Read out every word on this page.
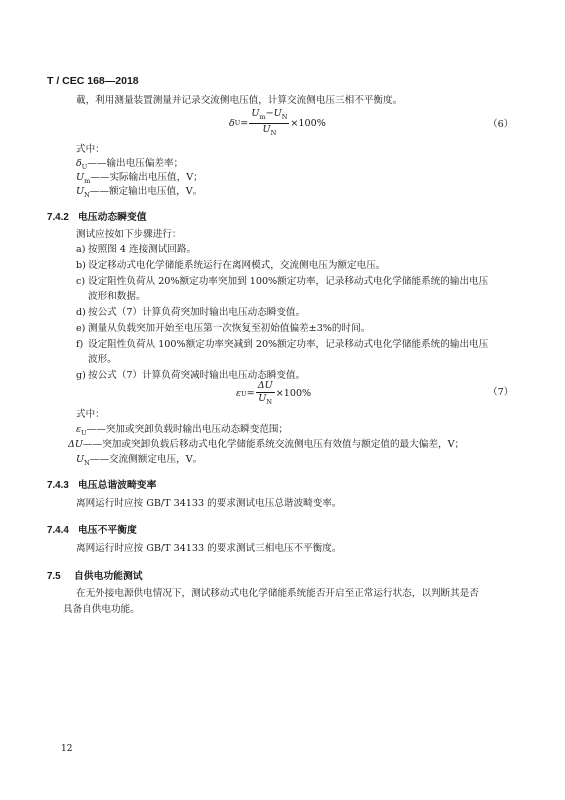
T / CEC 168—2018
載，利用测量装置测量并记录交流侧电压值，计算交流侧电压三相不平衡度。
δ $U = \frac{U_m-U_N}{U_N} \times 100\%$	（6）
式中：
$\delta_U——$输出电压偏差率；
$U_m——$实际输出电压值，V；
$U_N——$额定输出电压值，V。
7.4.2 电压动态瞬变值
测试应按如下步骤进行：
a) 按照图 4 连接测试回路。
b) 设定移动式电化学储能系统运行在离网模式，交流侧电压为额定电压。
c) 设定阻性负荷从 20%额定功率突加到 100%额定功率，记录移动式电化学储能系统的输出电压
波形和数据。
d) 按公式（7）计算负荷突加时输出电压动态瞬变值。
e) 测量从负载突加开始至电压第一次恢复至初始值偏差±3%的时间。
f) 设定阻性负荷从 100%额定功率突减到 20%额定功率，记录移动式电化学储能系统的输出电压
波形。
g) 按公式（7）计算负荷突减时输出电压动态瞬变值。
ε $U = \frac{\Delta U}{U_N} \times 100\%$	（7）
式中：
$\varepsilon_U——$突加或突卸负载时输出电压动态瞬变范围；
ΔU——突加或突卸负载后移动式电化学储能系统交流侧电压有效值与额定值的最大偏差，V；
$U_N——$交流侧额定电压，V。
7.4.3 电压总谐波畸变率
离网运行时应按 GB/T 34133 的要求测试电压总谐波畸变率。
7.4.4 电压不平衡度
离网运行时应按 GB/T 34133 的要求测试三相电压不平衡度。
7.5 自供电功能测试
在无外接电源供电情况下，测试移动式电化学储能系统能否开启至正常运行状态，以判断其是否
具备自供电功能。
12
